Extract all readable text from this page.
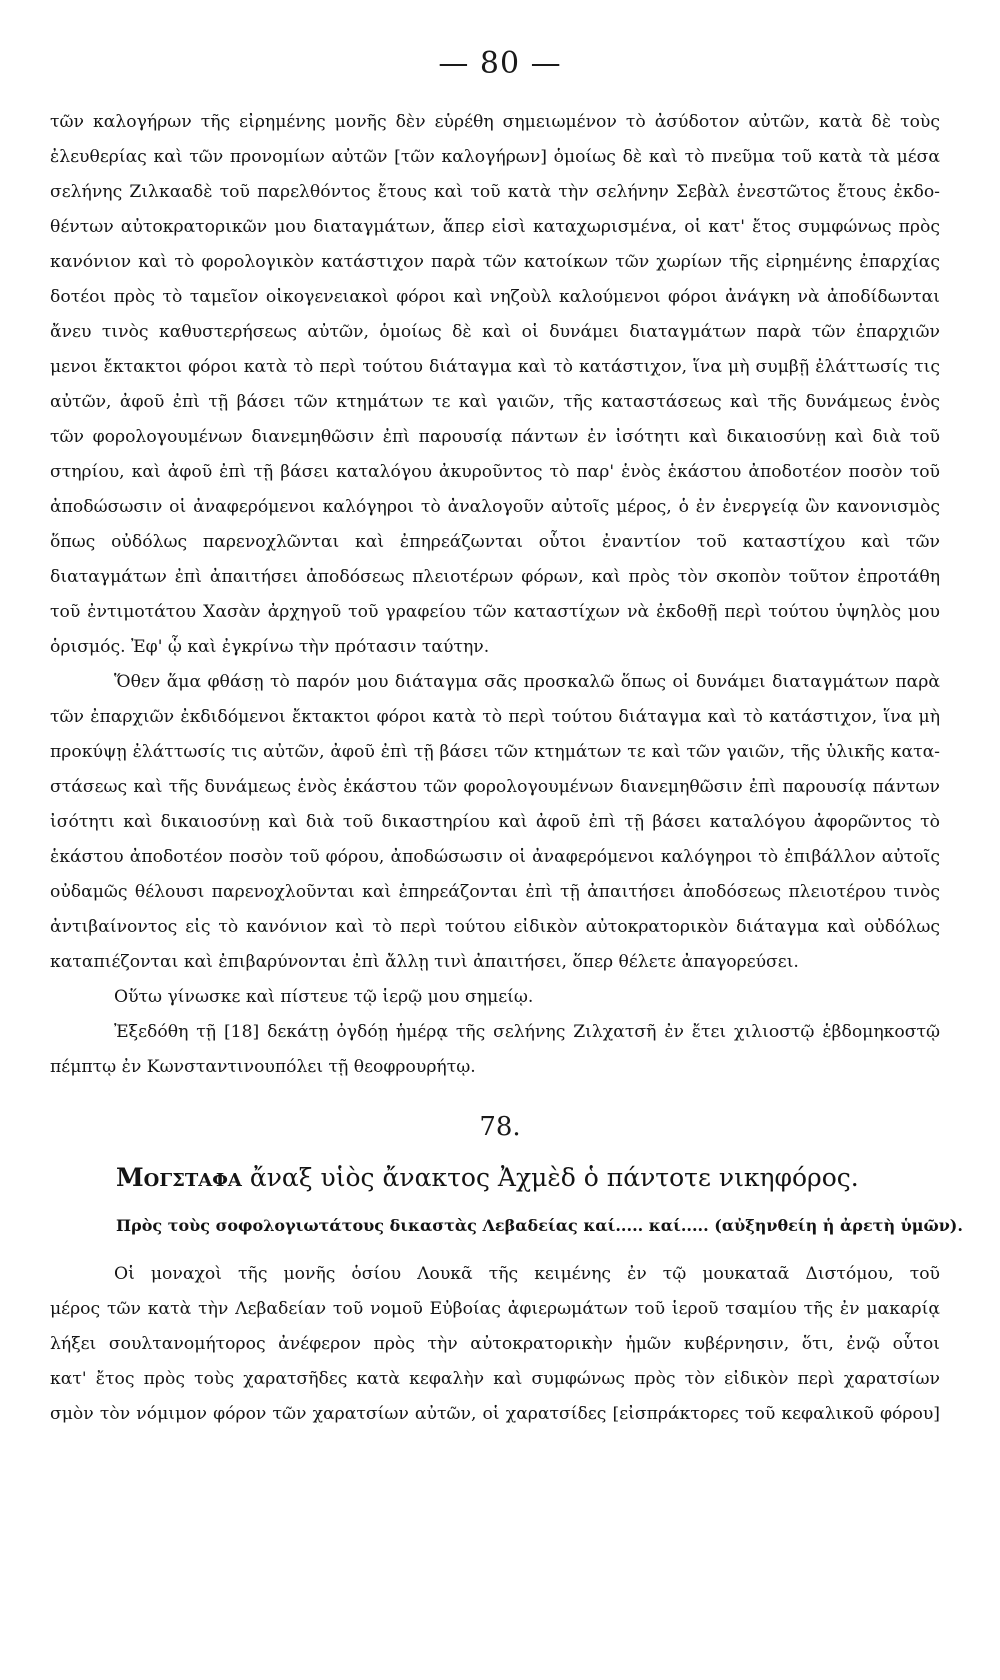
— 80 —
τῶν καλογήρων τῆς εἰρημένης μονῆς δὲν εὑρέθη σημειωμένον τὸ ἀσύδοτον αὐτῶν, κατὰ δὲ τοὺς
ἐλευθερίας καὶ τῶν προνομίων αὐτῶν [τῶν καλογήρων] ὁμοίως δὲ καὶ τὸ πνεῦμα τοῦ κατὰ τὰ μέσα
σελήνης Ζιλκααδὲ τοῦ παρελθόντος ἔτους καὶ τοῦ κατὰ τὴν σελήνην Σεβὰλ ἐνεστῶτος ἔτους ἐκδο-
θέντων αὐτοκρατορικῶν μου διαταγμάτων, ἅπερ εἰσὶ καταχωρισμένα, οἱ κατ' ἔτος συμφώνως πρὸς
κανόνιον καὶ τὸ φορολογικὸν κατάστιχον παρὰ τῶν κατοίκων τῶν χωρίων τῆς εἰρημένης ἐπαρχίας
δοτέοι πρὸς τὸ ταμεῖον οἰκογενειακοὶ φόροι καὶ νηζοὺλ καλούμενοι φόροι ἀνάγκη νὰ ἀποδίδωνται
ἄνευ τινὸς καθυστερήσεως αὐτῶν, ὁμοίως δὲ καὶ οἱ δυνάμει διαταγμάτων παρὰ τῶν ἐπαρχιῶν
μενοι ἔκτακτοι φόροι κατὰ τὸ περὶ τούτου διάταγμα καὶ τὸ κατάστιχον, ἵνα μὴ συμβῇ ἐλάττωσίς τις
αὐτῶν, ἀφοῦ ἐπὶ τῇ βάσει τῶν κτημάτων τε καὶ γαιῶν, τῆς καταστάσεως καὶ τῆς δυνάμεως ἑνὸς
τῶν φορολογουμένων διανεμηθῶσιν ἐπὶ παρουσίᾳ πάντων ἐν ἰσότητι καὶ δικαιοσύνῃ καὶ διὰ τοῦ
στηρίου, καὶ ἀφοῦ ἐπὶ τῇ βάσει καταλόγου ἀκυροῦντος τὸ παρ' ἑνὸς ἑκάστου ἀποδοτέον ποσὸν τοῦ
ἀποδώσωσιν οἱ ἀναφερόμενοι καλόγηροι τὸ ἀναλογοῦν αὐτοῖς μέρος, ὁ ἐν ἐνεργείᾳ ὢν κανονισμὸς
ὅπως οὐδόλως παρενοχλῶνται καὶ ἐπηρεάζωνται οὗτοι ἐναντίον τοῦ καταστίχου καὶ τῶν
διαταγμάτων ἐπὶ ἀπαιτήσει ἀποδόσεως πλειοτέρων φόρων, καὶ πρὸς τὸν σκοπὸν τοῦτον ἐπροτάθη
τοῦ ἐντιμοτάτου Χασὰν ἀρχηγοῦ τοῦ γραφείου τῶν καταστίχων νὰ ἐκδοθῇ περὶ τούτου ὑψηλὸς μου
ὁρισμός. Ἐφ' ᾧ καὶ ἐγκρίνω τὴν πρότασιν ταύτην.
Ὅθεν ἅμα φθάσῃ τὸ παρόν μου διάταγμα σᾶς προσκαλῶ ὅπως οἱ δυνάμει διαταγμάτων παρὰ
τῶν ἐπαρχιῶν ἐκδιδόμενοι ἔκτακτοι φόροι κατὰ τὸ περὶ τούτου διάταγμα καὶ τὸ κατάστιχον, ἵνα μὴ
προκύψῃ ἐλάττωσίς τις αὐτῶν, ἀφοῦ ἐπὶ τῇ βάσει τῶν κτημάτων τε καὶ τῶν γαιῶν, τῆς ὑλικῆς κατα-
στάσεως καὶ τῆς δυνάμεως ἑνὸς ἑκάστου τῶν φορολογουμένων διανεμηθῶσιν ἐπὶ παρουσίᾳ πάντων
ἰσότητι καὶ δικαιοσύνῃ καὶ διὰ τοῦ δικαστηρίου καὶ ἀφοῦ ἐπὶ τῇ βάσει καταλόγου ἀφορῶντος τὸ
ἑκάστου ἀποδοτέον ποσὸν τοῦ φόρου, ἀποδώσωσιν οἱ ἀναφερόμενοι καλόγηροι τὸ ἐπιβάλλον αὐτοῖς
οὐδαμῶς θέλουσι παρενοχλοῦνται καὶ ἐπηρεάζονται ἐπὶ τῇ ἀπαιτήσει ἀποδόσεως πλειοτέρου τινὸς
ἀντιβαίνοντος εἰς τὸ κανόνιον καὶ τὸ περὶ τούτου εἰδικὸν αὐτοκρατορικὸν διάταγμα καὶ οὐδόλως
καταπιέζονται καὶ ἐπιβαρύνονται ἐπὶ ἄλλῃ τινὶ ἀπαιτήσει, ὅπερ θέλετε ἀπαγορεύσει.
Οὕτω γίνωσκε καὶ πίστευε τῷ ἱερῷ μου σημείῳ.
Ἐξεδόθη τῇ [18] δεκάτῃ ὀγδόῃ ἡμέρᾳ τῆς σελήνης Ζιλχατσῆ ἐν ἔτει χιλιοστῷ ἑβδομηκοστῷ
πέμπτῳ ἐν Κωνσταντινουπόλει τῇ θεοφρουρήτῳ.
78.
Μογσταφα ἄναξ υἱὸς ἄνακτος Ἀχμὲδ ὁ πάντοτε νικηφόρος.
Πρὸς τοὺς σοφολογιωτάτους δικαστὰς Λεβαδείας καί..... καί..... (αὐξηνθείη ἡ ἀρετὴ ὑμῶν).
Οἱ μοναχοὶ τῆς μονῆς ὁσίου Λουκᾶ τῆς κειμένης ἐν τῷ μουκαταᾶ Διστόμου, τοῦ
μέρος τῶν κατὰ τὴν Λεβαδείαν τοῦ νομοῦ Εὐβοίας ἀφιερωμάτων τοῦ ἱεροῦ τσαμίου τῆς ἐν μακαρίᾳ
λήξει σουλτανομήτορος ἀνέφερον πρὸς τὴν αὐτοκρατορικὴν ἡμῶν κυβέρνησιν, ὅτι, ἐνῷ οὗτοι
κατ' ἔτος πρὸς τοὺς χαρατσῆδες κατὰ κεφαλὴν καὶ συμφώνως πρὸς τὸν εἰδικὸν περὶ χαρατσίων
σμὸν τὸν νόμιμον φόρον τῶν χαρατσίων αὐτῶν, οἱ χαρατσίδες [εἰσπράκτορες τοῦ κεφαλικοῦ φόρου]
